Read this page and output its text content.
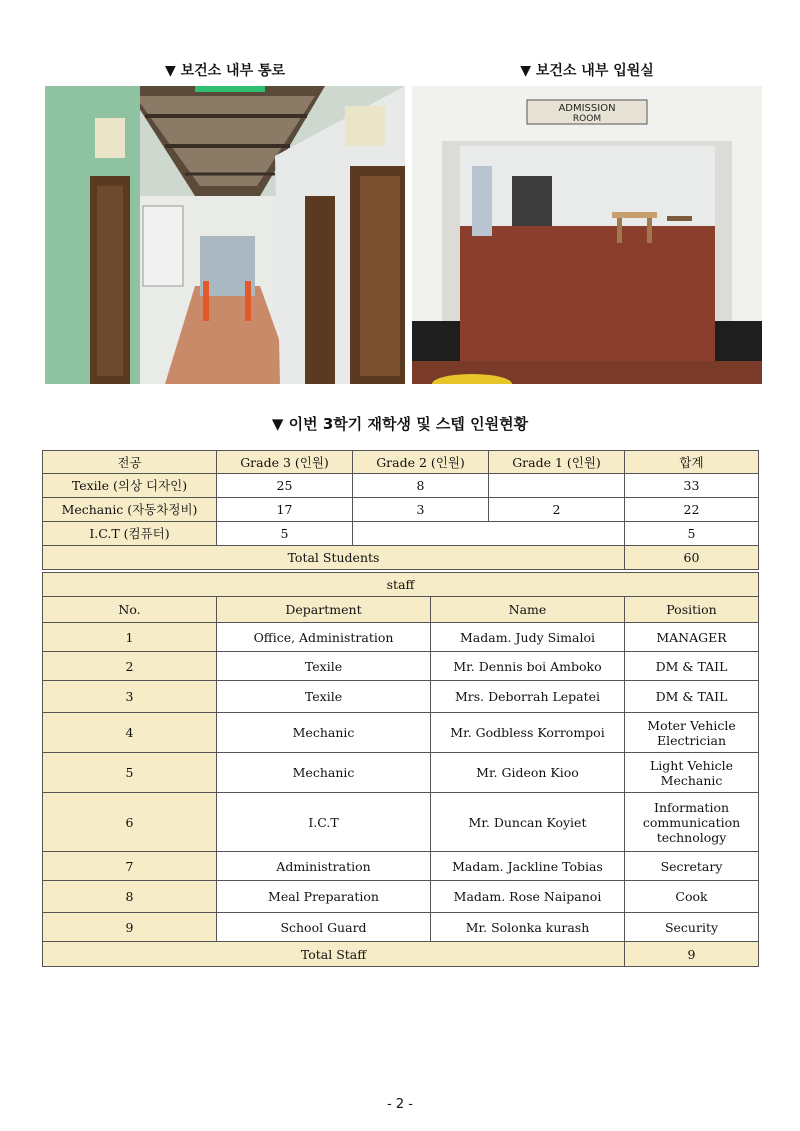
▼ 보건소 내부 통로	▼ 보건소 내부 입원실
ADMISSION
ROOM
▼ 이번 3학기 재학생 및 스텝 인원현황
전공	Grade 3 (인원)	Grade 2 (인원)	Grade 1 (인원)	합계
Texile (의상 디자인)	25	8		33
Mechanic (자동차정비)	17	3	2	22
I.C.T (컴퓨터)	5			5
Total Students				60
staff			
No.	Department	Name	Position
1	Office, Administration	Madam. Judy Simaloi	MANAGER
2	Texile	Mr. Dennis boi Amboko	DM & TAIL
3	Texile	Mrs. Deborrah Lepatei	DM & TAIL
4	Mechanic	Mr. Godbless Korrompoi	Moter Vehicle Electrician
5	Mechanic	Mr. Gideon Kioo	Light Vehicle Mechanic
6	I.C.T	Mr. Duncan Koyiet	Information communication technology
7	Administration	Madam. Jackline Tobias	Secretary
8	Meal Preparation	Madam. Rose Naipanoi	Cook
9	School Guard	Mr. Solonka kurash	Security
Total Staff			9
- 2 -
